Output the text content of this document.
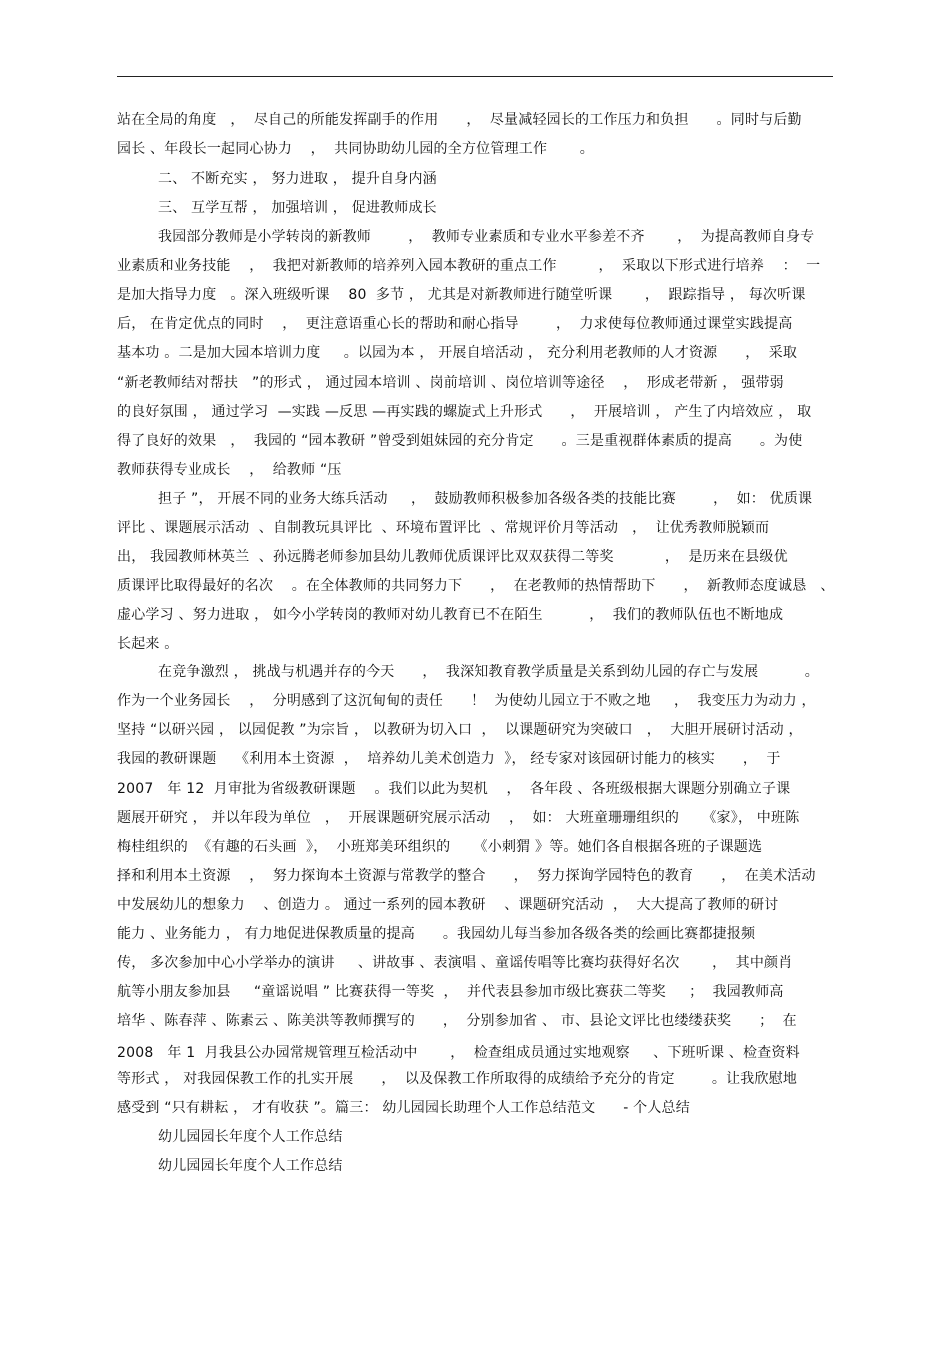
站在全局的角度   ，  尽自己的所能发挥副手的作用      ，  尽量减轻园长的工作压力和负担      。同时与后勤
园长 、年段长一起同心协力    ，  共同协助幼儿园的全方位管理工作       。
二、 不断充实 ， 努力进取 ， 提升自身内涵
三、 互学互帮 ， 加强培训 ， 促进教师成长
我园部分教师是小学转岗的新教师        ，  教师专业素质和专业水平参差不齐       ，  为提高教师自身专
业素质和业务技能    ，  我把对新教师的培养列入园本教研的重点工作         ，  采取以下形式进行培养    ：  一
是加大指导力度   。深入班级听课    80  多节 ， 尤其是对新教师进行随堂听课       ，  跟踪指导 ， 每次听课
后， 在肯定优点的同时    ，  更注意语重心长的帮助和耐心指导        ，  力求使每位教师通过课堂实践提高
基本功 。二是加大园本培训力度     。以园为本 ， 开展自培活动 ， 充分利用老教师的人才资源      ，  采取
“新老教师结对帮扶   ”的形式 ， 通过园本培训 、岗前培训 、岗位培训等途径    ，  形成老带新 ， 强带弱
的良好氛围 ， 通过学习  —实践 —反思 —再实践的螺旋式上升形式      ，  开展培训 ， 产生了内培效应 ， 取
得了良好的效果   ，  我园的 “园本教研 ”曾受到姐妹园的充分肯定      。三是重视群体素质的提高      。为使
教师获得专业成长    ，  给教师 “压
担子 ”， 开展不同的业务大练兵活动     ，  鼓励教师积极参加各级各类的技能比赛        ，  如： 优质课
评比 、课题展示活动  、自制教玩具评比  、环境布置评比  、常规评价月等活动   ，  让优秀教师脱颖而
出， 我园教师林英兰  、孙远腾老师参加县幼儿教师优质课评比双双获得二等奖           ，  是历来在县级优
质课评比取得最好的名次    。在全体教师的共同努力下      ，  在老教师的热情帮助下      ，  新教师态度诚恳   、
虚心学习 、努力进取 ， 如今小学转岗的教师对幼儿教育已不在陌生          ，  我们的教师队伍也不断地成
长起来 。
在竞争激烈 ， 挑战与机遇并存的今天      ，  我深知教育教学质量是关系到幼儿园的存亡与发展          。
作为一个业务园长    ，  分明感到了这沉甸甸的责任      ！  为使幼儿园立于不败之地     ，  我变压力为动力 ，
坚持 “以研兴园 ， 以园促教 ”为宗旨 ， 以教研为切入口  ，  以课题研究为突破口   ，  大胆开展研讨活动 ，
我园的教研课题    《利用本土资源  ，  培养幼儿美术创造力  》， 经专家对该园研讨能力的核实      ，  于
2007   年 12  月审批为省级教研课题    。我们以此为契机    ，  各年段 、各班级根据大课题分别确立子课
题展开研究 ， 并以年段为单位   ，  开展课题研究展示活动    ，  如： 大班童珊珊组织的     《家》， 中班陈
梅桂组织的  《有趣的石头画  》，  小班郑美环组织的     《小刺猬 》等。她们各自根据各班的子课题选
择和利用本土资源    ，  努力探询本土资源与常教学的整合      ，  努力探询学园特色的教育      ，  在美术活动
中发展幼儿的想象力    、创造力 。 通过一系列的园本教研    、课题研究活动  ，  大大提高了教师的研讨
能力 、业务能力 ， 有力地促进保教质量的提高      。我园幼儿每当参加各级各类的绘画比赛都捷报频
传， 多次参加中心小学举办的演讲     、讲故事 、表演唱 、童谣传唱等比赛均获得好名次       ，  其中颜肖
航等小朋友参加县     “童谣说唱 ” 比赛获得一等奖  ，  并代表县参加市级比赛获二等奖     ；  我园教师高
培华 、陈春萍 、陈素云 、陈美洪等教师撰写的      ，  分别参加省 、 市、县论文评比也缕缕获奖      ；  在
2008   年 1  月我县公办园常规管理互检活动中       ，  检查组成员通过实地观察     、下班听课 、检查资料
等形式 ， 对我园保教工作的扎实开展      ，  以及保教工作所取得的成绩给予充分的肯定        。让我欣慰地
感受到 “只有耕耘 ， 才有收获 ”。篇三： 幼儿园园长助理个人工作总结范文      - 个人总结
幼儿园园长年度个人工作总结
幼儿园园长年度个人工作总结
